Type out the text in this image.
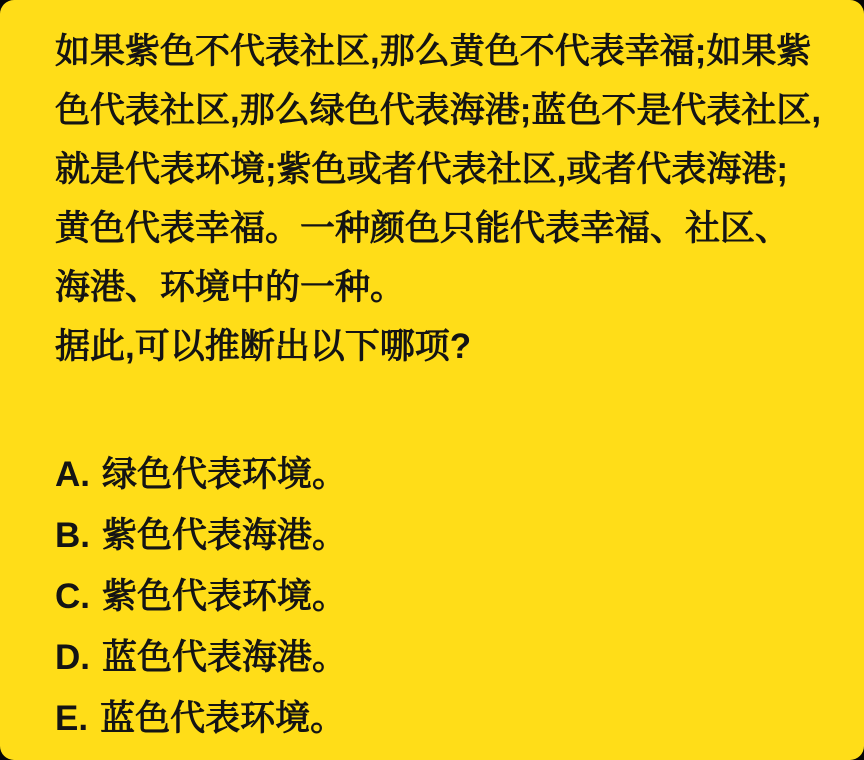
如果紫色不代表社区,那么黄色不代表幸福;如果紫
色代表社区,那么绿色代表海港;蓝色不是代表社区,
就是代表环境;紫色或者代表社区,或者代表海港;
黄色代表幸福。一种颜色只能代表幸福、社区、
海港、环境中的一种。
据此,可以推断出以下哪项?
A. 绿色代表环境。
B. 紫色代表海港。
C. 紫色代表环境。
D. 蓝色代表海港。
E. 蓝色代表环境。
